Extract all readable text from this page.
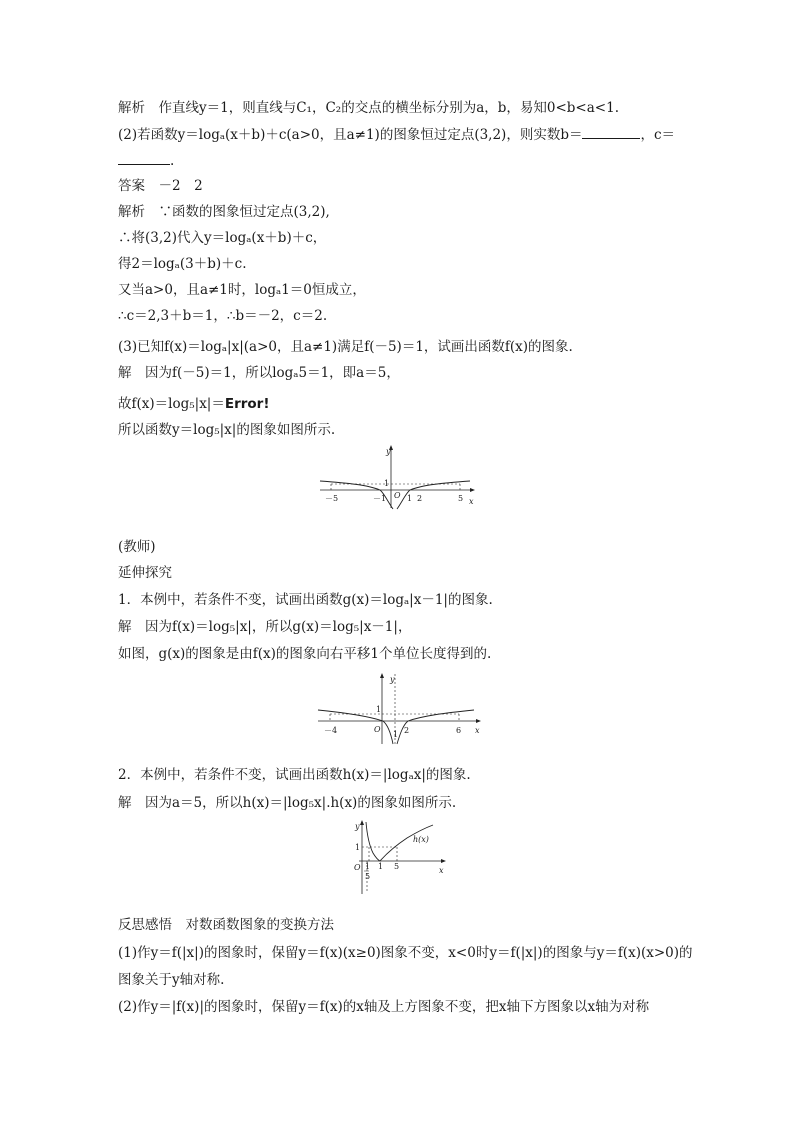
解析　作直线y＝1，则直线与C₁，C₂的交点的横坐标分别为a，b，易知0<b<a<1.
(2)若函数y＝logₐ(x＋b)＋c(a>0，且a≠1)的图象恒过定点(3,2)，则实数b＝	，c＝
.
答案　－2　2
解析　∵函数的图象恒过定点(3,2),
∴将(3,2)代入y＝logₐ(x＋b)＋c，
得2＝logₐ(3＋b)＋c.
又当a>0，且a≠1时，logₐ1＝0恒成立，
∴c＝2,3＋b＝1，∴b＝－2，c＝2.
(3)已知f(x)＝logₐ|x|(a>0，且a≠1)满足f(－5)＝1，试画出函数f(x)的图象.
解　因为f(－5)＝1，所以logₐ5＝1，即a＝5，
故f(x)＝log₅|x|＝Error!
所以函数y＝log₅|x|的图象如图所示.
y
x
1
O
－5	－1	1 2	5
(教师)
延伸探究
1．本例中，若条件不变，试画出函数g(x)＝logₐ|x－1|的图象.
解　因为f(x)＝log₅|x|，所以g(x)＝log₅|x－1|，
如图，g(x)的图象是由f(x)的图象向右平移1个单位长度得到的.
y
x
1
O
－4	1 2	6
2．本例中，若条件不变，试画出函数h(x)＝|logₐx|的图象.
解　因为a＝5，所以h(x)＝|log₅x|.h(x)的图象如图所示.
y
x
1
O 1 1 5
5
h(x)
反思感悟　对数函数图象的变换方法
(1)作y＝f(|x|)的图象时，保留y＝f(x)(x≥0)图象不变，x<0时y＝f(|x|)的图象与y＝f(x)(x>0)的
图象关于y轴对称.
(2)作y＝|f(x)|的图象时，保留y＝f(x)的x轴及上方图象不变，把x轴下方图象以x轴为对称
